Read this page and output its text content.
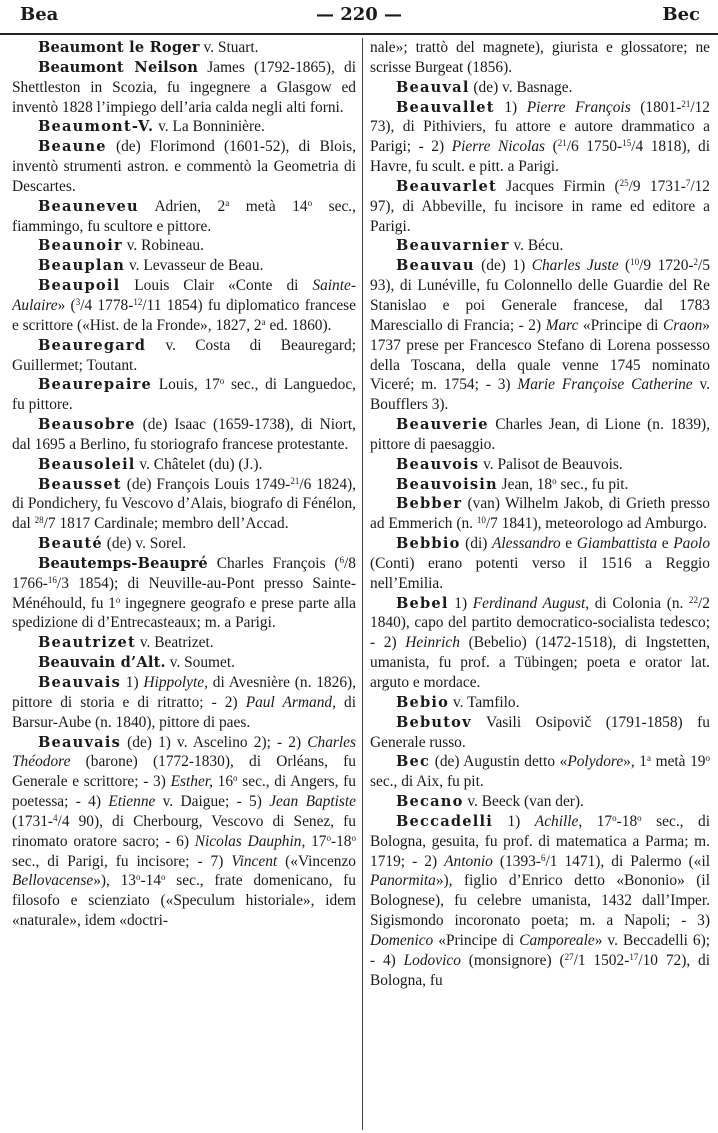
Bea	— 220 —	Bec

Beaumont le Roger v. Stuart.

Beaumont Neilson James (1792-1865), di Shettleston in Scozia, fu ingegnere a Glasgow ed inventò 1828 l’impiego dell’aria calda negli alti forni.

Beaumont-V. v. La Bonninière.

Beaune (de) Florimond (1601-52), di Blois, inventò strumenti astron. e commentò la Geometria di Descartes.

Beauneveu Adrien, 2$^a$ metà 14$^o$ sec., fiammingo, fu scultore e pittore.

Beaunoir v. Robineau.

Beauplan v. Levasseur de Beau.

Beaupoil Louis Clair «Conte di Sainte-Aulaire» ($^3$/4 1778-$^{12}$/11 1854) fu diplomatico francese e scrittore («Hist. de la Fronde», 1827, 2$^a$ ed. 1860).

Beauregard v. Costa di Beauregard; Guillermet; Toutant.

Beaurepaire Louis, 17$^o$ sec., di Languedoc, fu pittore.

Beausobre (de) Isaac (1659-1738), di Niort, dal 1695 a Berlino, fu storiografo francese protestante.

Beausoleil v. Châtelet (du) (J.).

Beausset (de) François Louis 1749-$^{21}$/6 1824), di Pondichery, fu Vescovo d’Alais, biografo di Fénélon, dal $^{28}$/7 1817 Cardinale; membro dell’Accad.

Beauté (de) v. Sorel.

Beautemps-Beaupré Charles François ($^6$/8 1766-$^{16}$/3 1854); di Neuville-au-Pont presso Sainte-Ménéhould, fu 1$^o$ ingegnere geografo e prese parte alla spedizione di d’Entrecasteaux; m. a Parigi.

Beautrizet v. Beatrizet.

Beauvain d’Alt. v. Soumet.

Beauvais 1) Hippolyte, di Avesnière (n. 1826), pittore di storia e di ritratto; - 2) Paul Armand, di Barsur-Aube (n. 1840), pittore di paes.

Beauvais (de) 1) v. Ascelino 2); - 2) Charles Théodore (barone) (1772-1830), di Orléans, fu Generale e scrittore; - 3) Esther, 16$^o$ sec., di Angers, fu poetessa; - 4) Etienne v. Daigue; - 5) Jean Baptiste (1731-$^4$/4 90), di Cherbourg, Vescovo di Senez, fu rinomato oratore sacro; - 6) Nicolas Dauphin, 17$^o$-18$^o$ sec., di Parigi, fu incisore; - 7) Vincent («Vincenzo Bellovacense»), 13$^o$-14$^o$ sec., frate domenicano, fu filosofo e scienziato («Speculum historiale», idem «naturale», idem «doctri-

nale»; trattò del magnete), giurista e glossatore; ne scrisse Burgeat (1856).

Beauval (de) v. Basnage.

Beauvallet 1) Pierre François (1801-$^{21}$/12 73), di Pithiviers, fu attore e autore drammatico a Parigi; - 2) Pierre Nicolas ($^{21}$/6 1750-$^{15}$/4 1818), di Havre, fu scult. e pitt. a Parigi.

Beauvarlet Jacques Firmin ($^{25}$/9 1731-$^7$/12 97), di Abbeville, fu incisore in rame ed editore a Parigi.

Beauvarnier v. Bécu.

Beauvau (de) 1) Charles Juste ($^{10}$/9 1720-$^2$/5 93), di Lunéville, fu Colonnello delle Guardie del Re Stanislao e poi Generale francese, dal 1783 Maresciallo di Francia; - 2) Marc «Principe di Craon» 1737 prese per Francesco Stefano di Lorena possesso della Toscana, della quale venne 1745 nominato Viceré; m. 1754; - 3) Marie Françoise Catherine v. Boufflers 3).

Beauverie Charles Jean, di Lione (n. 1839), pittore di paesaggio.

Beauvois v. Palisot de Beauvois.

Beauvoisin Jean, 18$^o$ sec., fu pit.

Bebber (van) Wilhelm Jakob, di Grieth presso ad Emmerich (n. $^{10}$/7 1841), meteorologo ad Amburgo.

Bebbio (di) Alessandro e Giambattista e Paolo (Conti) erano potenti verso il 1516 a Reggio nell’Emilia.

Bebel 1) Ferdinand August, di Colonia (n. $^{22}$/2 1840), capo del partito democratico-socialista tedesco; - 2) Heinrich (Bebelio) (1472-1518), di Ingstetten, umanista, fu prof. a Tübingen; poeta e orator lat. arguto e mordace.

Bebio v. Tamfilo.

Bebutov Vasili Osipovič (1791-1858) fu Generale russo.

Bec (de) Augustin detto «Polydore», 1$^a$ metà 19$^o$ sec., di Aix, fu pit.

Becano v. Beeck (van der).

Beccadelli 1) Achille, 17$^o$-18$^o$ sec., di Bologna, gesuita, fu prof. di matematica a Parma; m. 1719; - 2) Antonio (1393-$^6$/1 1471), di Palermo («il Panormita»), figlio d’Enrico detto «Bononio» (il Bolognese), fu celebre umanista, 1432 dall’Imper. Sigismondo incoronato poeta; m. a Napoli; - 3) Domenico «Principe di Camporeale» v. Beccadelli 6); - 4) Lodovico (monsignore) ($^{27}$/1 1502-$^{17}$/10 72), di Bologna, fu
